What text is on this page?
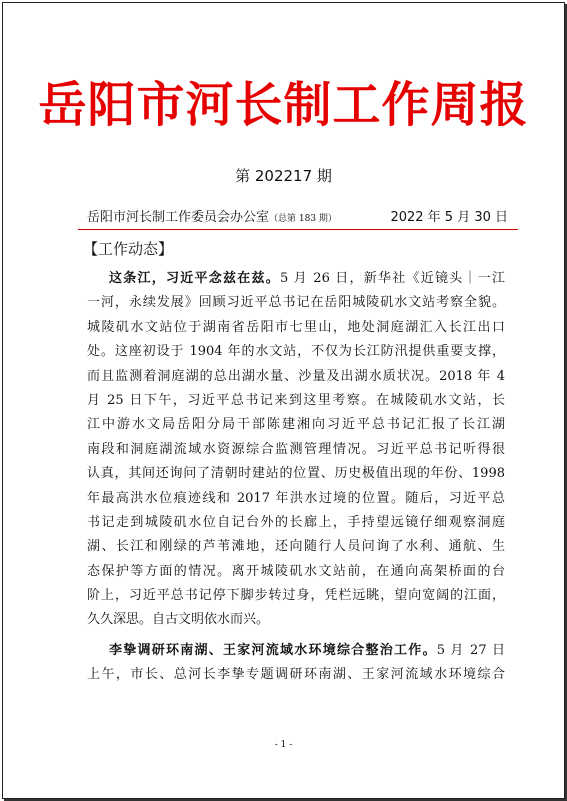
岳阳市河长制工作周报
第 202217 期
岳阳市河长制工作委员会办公室（总第 183 期）	2022 年 5 月 30 日
【工作动态】
这条江，习近平念兹在兹。5 月 26 日，新华社《近镜头｜一江
一河，永续发展》回顾习近平总书记在岳阳城陵矶水文站考察全貌。
城陵矶水文站位于湖南省岳阳市七里山，地处洞庭湖汇入长江出口
处。这座初设于 1904 年的水文站，不仅为长江防汛提供重要支撑，
而且监测着洞庭湖的总出湖水量、沙量及出湖水质状况。2018 年 4
月 25 日下午，习近平总书记来到这里考察。在城陵矶水文站，长
江中游水文局岳阳分局干部陈建湘向习近平总书记汇报了长江湖
南段和洞庭湖流域水资源综合监测管理情况。习近平总书记听得很
认真，其间还询问了清朝时建站的位置、历史极值出现的年份、1998
年最高洪水位痕迹线和 2017 年洪水过境的位置。随后，习近平总
书记走到城陵矶水位自记台外的长廊上，手持望远镜仔细观察洞庭
湖、长江和刚绿的芦苇滩地，还向随行人员问询了水利、通航、生
态保护等方面的情况。离开城陵矶水文站前，在通向高架桥面的台
阶上，习近平总书记停下脚步转过身，凭栏远眺，望向宽阔的江面，
久久深思。自古文明依水而兴。
李挚调研环南湖、王家河流域水环境综合整治工作。5 月 27 日
上午，市长、总河长李挚专题调研环南湖、王家河流域水环境综合
- 1 -
